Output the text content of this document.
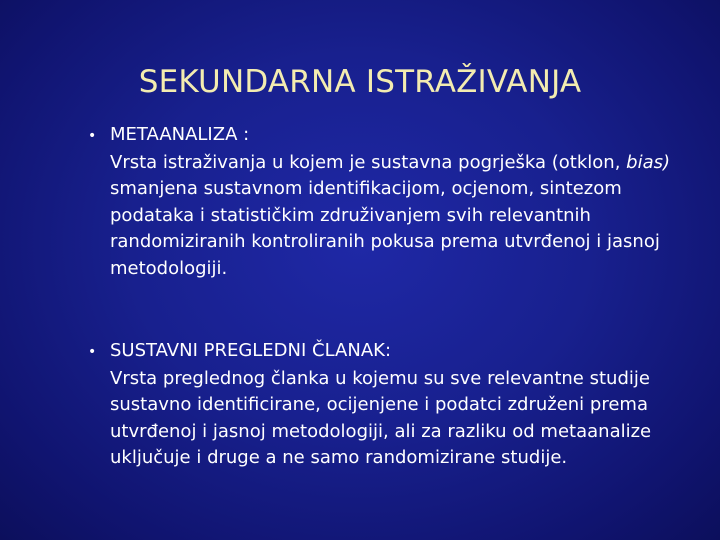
SEKUNDARNA ISTRAŽIVANJA
• METAANALIZA :
Vrsta istraživanja u kojem je sustavna pogrješka (otklon, bias) smanjena sustavnom identifikacijom, ocjenom, sintezom podataka i statističkim združivanjem svih relevantnih randomiziranih kontroliranih pokusa prema utvrđenoj i jasnoj metodologiji.
• SUSTAVNI PREGLEDNI ČLANAK:
Vrsta preglednog članka u kojemu su sve relevantne studije sustavno identificirane, ocijenjene i podatci združeni prema utvrđenoj i jasnoj metodologiji, ali za razliku od metaanalize uključuje i druge a ne samo randomizirane studije.
